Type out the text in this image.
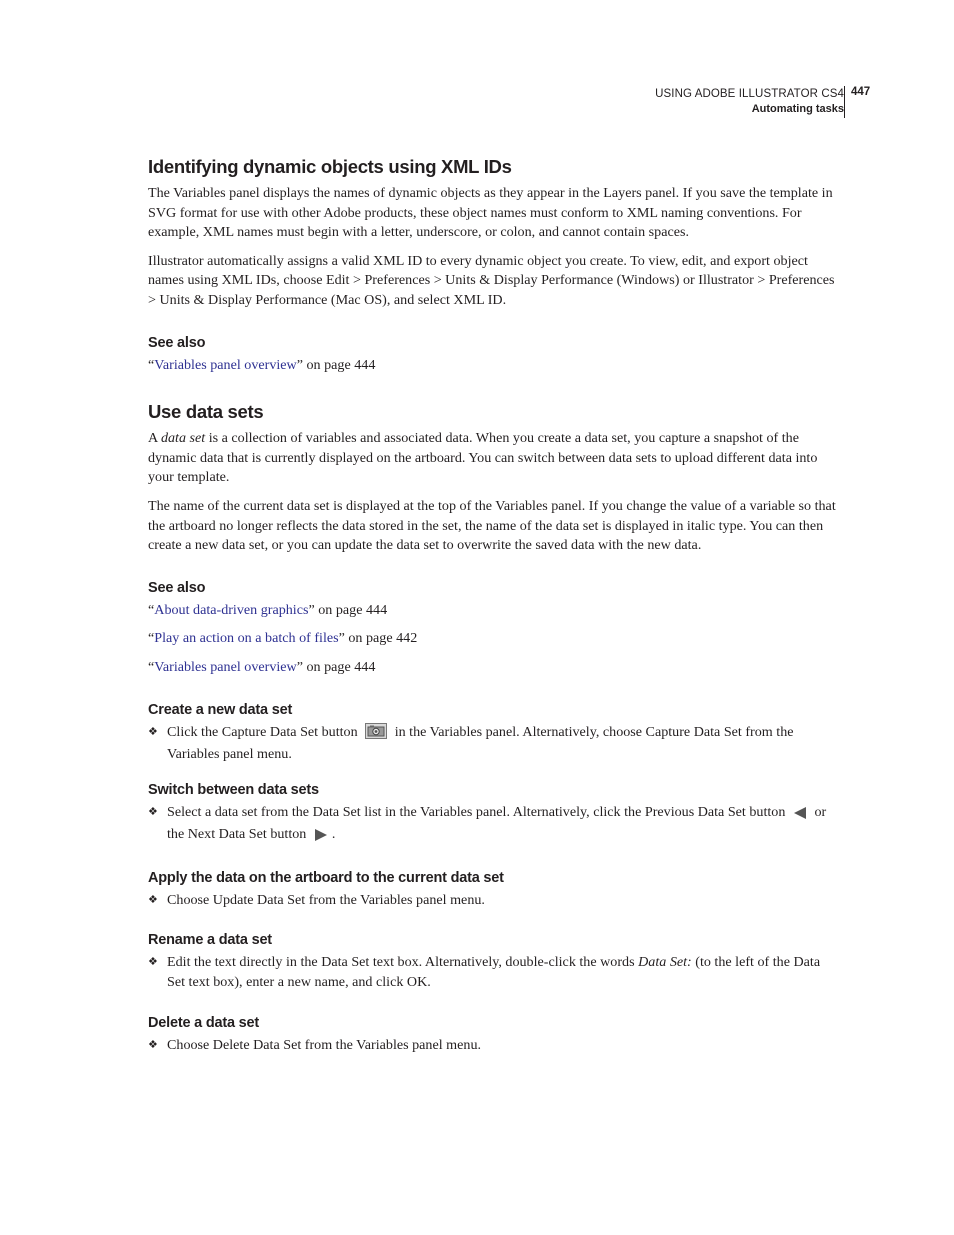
USING ADOBE ILLUSTRATOR CS4
Automating tasks
447
Identifying dynamic objects using XML IDs

The Variables panel displays the names of dynamic objects as they appear in the Layers panel. If you save the template in SVG format for use with other Adobe products, these object names must conform to XML naming conventions. For example, XML names must begin with a letter, underscore, or colon, and cannot contain spaces.

Illustrator automatically assigns a valid XML ID to every dynamic object you create. To view, edit, and export object names using XML IDs, choose Edit > Preferences > Units & Display Performance (Windows) or Illustrator > Preferences > Units & Display Performance (Mac OS), and select XML ID.

See also

“Variables panel overview” on page 444

Use data sets

A data set is a collection of variables and associated data. When you create a data set, you capture a snapshot of the dynamic data that is currently displayed on the artboard. You can switch between data sets to upload different data into your template.

The name of the current data set is displayed at the top of the Variables panel. If you change the value of a variable so that the artboard no longer reflects the data stored in the set, the name of the data set is displayed in italic type. You can then create a new data set, or you can update the data set to overwrite the saved data with the new data.

See also

“About data-driven graphics” on page 444

“Play an action on a batch of files” on page 442

“Variables panel overview” on page 444

Create a new data set
❖ Click the Capture Data Set button	in the Variables panel. Alternatively, choose Capture Data Set from the Variables panel menu.
Switch between data sets
❖ Select a data set from the Data Set list in the Variables panel. Alternatively, click the Previous Data Set button or the Next Data Set button .
Apply the data on the artboard to the current data set
❖ Choose Update Data Set from the Variables panel menu.
Rename a data set
❖ Edit the text directly in the Data Set text box. Alternatively, double-click the words Data Set: (to the left of the Data Set text box), enter a new name, and click OK.
Delete a data set
❖ Choose Delete Data Set from the Variables panel menu.
